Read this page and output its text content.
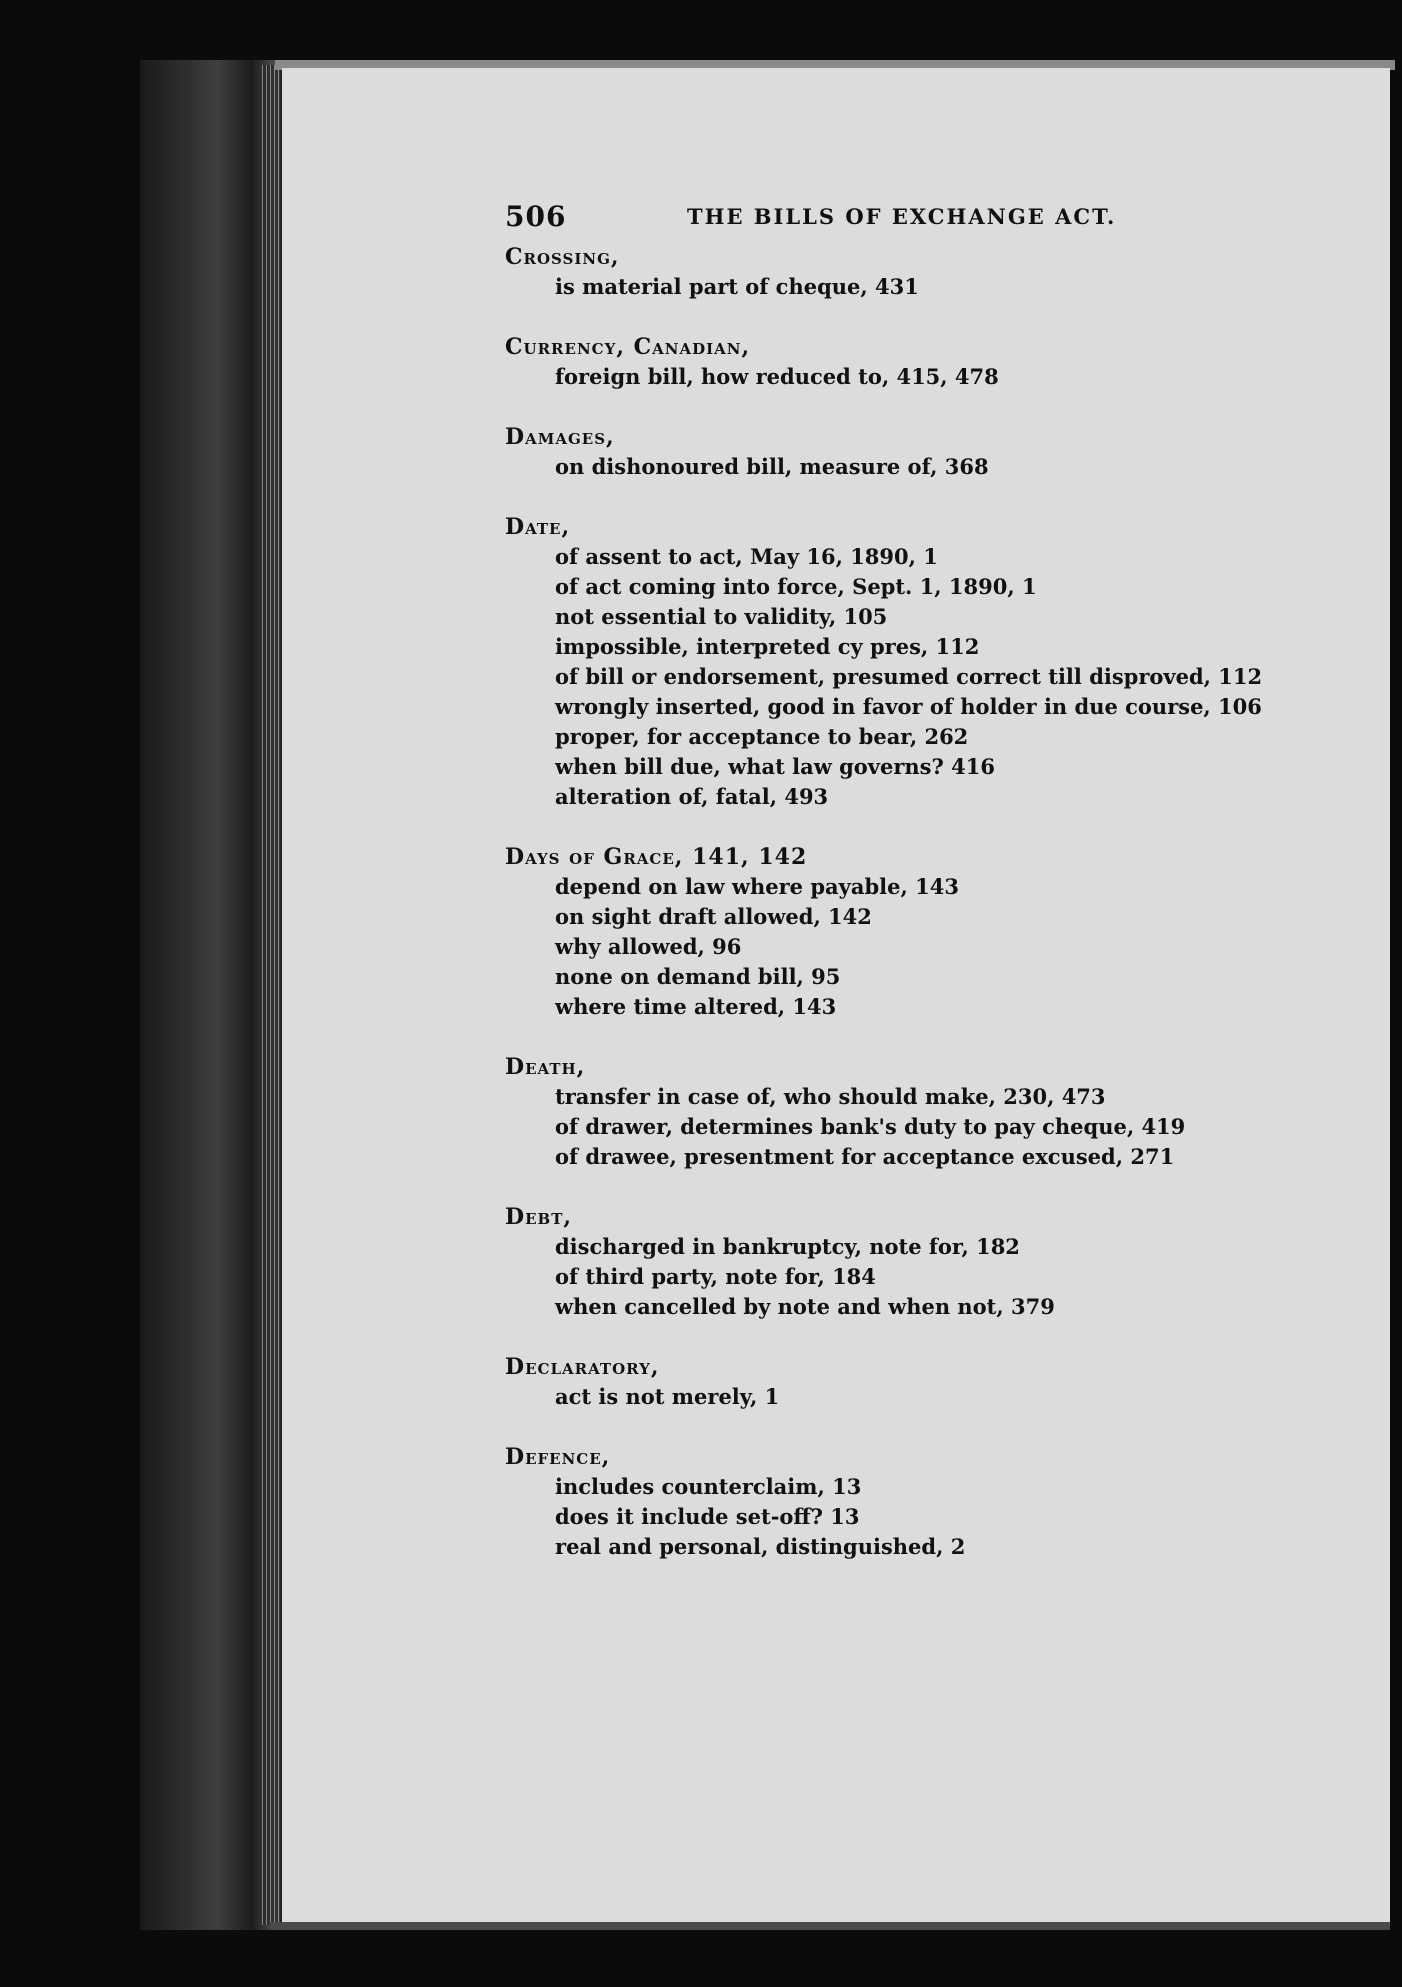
506	THE BILLS OF EXCHANGE ACT.
Crossing,
is material part of cheque, 431
Currency, Canadian,
foreign bill, how reduced to, 415, 478
Damages,
on dishonoured bill, measure of, 368
Date,
of assent to act, May 16, 1890, 1
of act coming into force, Sept. 1, 1890, 1
not essential to validity, 105
impossible, interpreted cy pres, 112
of bill or endorsement, presumed correct till disproved, 112
wrongly inserted, good in favor of holder in due course, 106
proper, for acceptance to bear, 262
when bill due, what law governs? 416
alteration of, fatal, 493
Days of Grace, 141, 142
depend on law where payable, 143
on sight draft allowed, 142
why allowed, 96
none on demand bill, 95
where time altered, 143
Death,
transfer in case of, who should make, 230, 473
of drawer, determines bank's duty to pay cheque, 419
of drawee, presentment for acceptance excused, 271
Debt,
discharged in bankruptcy, note for, 182
of third party, note for, 184
when cancelled by note and when not, 379
Declaratory,
act is not merely, 1
Defence,
includes counterclaim, 13
does it include set-off? 13
real and personal, distinguished, 2
